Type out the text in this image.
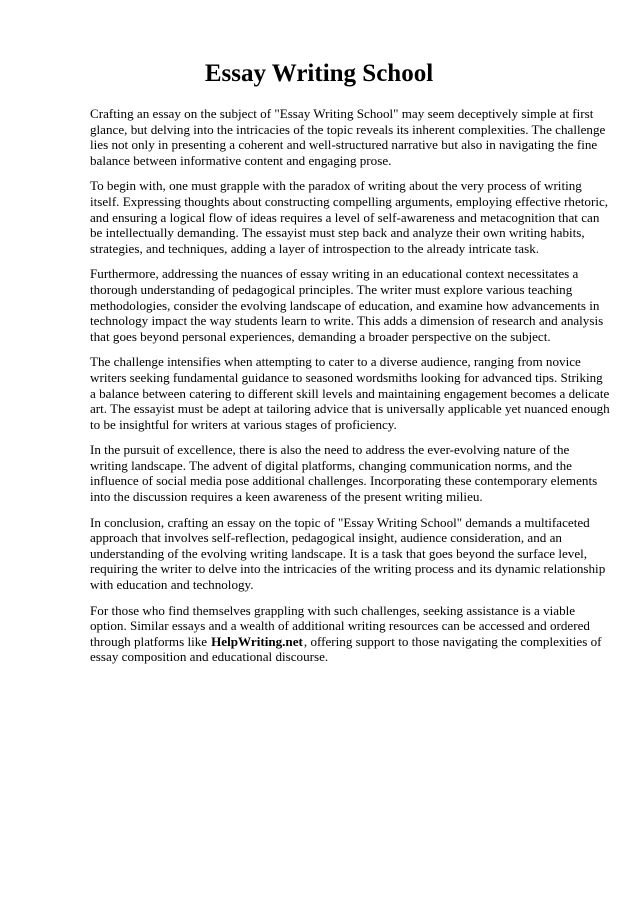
Essay Writing School

Crafting an essay on the subject of "Essay Writing School" may seem deceptively simple at first glance, but delving into the intricacies of the topic reveals its inherent complexities. The challenge lies not only in presenting a coherent and well-structured narrative but also in navigating the fine balance between informative content and engaging prose.

To begin with, one must grapple with the paradox of writing about the very process of writing itself. Expressing thoughts about constructing compelling arguments, employing effective rhetoric, and ensuring a logical flow of ideas requires a level of self-awareness and metacognition that can be intellectually demanding. The essayist must step back and analyze their own writing habits, strategies, and techniques, adding a layer of introspection to the already intricate task.

Furthermore, addressing the nuances of essay writing in an educational context necessitates a thorough understanding of pedagogical principles. The writer must explore various teaching methodologies, consider the evolving landscape of education, and examine how advancements in technology impact the way students learn to write. This adds a dimension of research and analysis that goes beyond personal experiences, demanding a broader perspective on the subject.

The challenge intensifies when attempting to cater to a diverse audience, ranging from novice writers seeking fundamental guidance to seasoned wordsmiths looking for advanced tips. Striking a balance between catering to different skill levels and maintaining engagement becomes a delicate art. The essayist must be adept at tailoring advice that is universally applicable yet nuanced enough to be insightful for writers at various stages of proficiency.

In the pursuit of excellence, there is also the need to address the ever-evolving nature of the writing landscape. The advent of digital platforms, changing communication norms, and the influence of social media pose additional challenges. Incorporating these contemporary elements into the discussion requires a keen awareness of the present writing milieu.

In conclusion, crafting an essay on the topic of "Essay Writing School" demands a multifaceted approach that involves self-reflection, pedagogical insight, audience consideration, and an understanding of the evolving writing landscape. It is a task that goes beyond the surface level, requiring the writer to delve into the intricacies of the writing process and its dynamic relationship with education and technology.

For those who find themselves grappling with such challenges, seeking assistance is a viable option. Similar essays and a wealth of additional writing resources can be accessed and ordered through platforms like HelpWriting.net, offering support to those navigating the complexities of essay composition and educational discourse.
